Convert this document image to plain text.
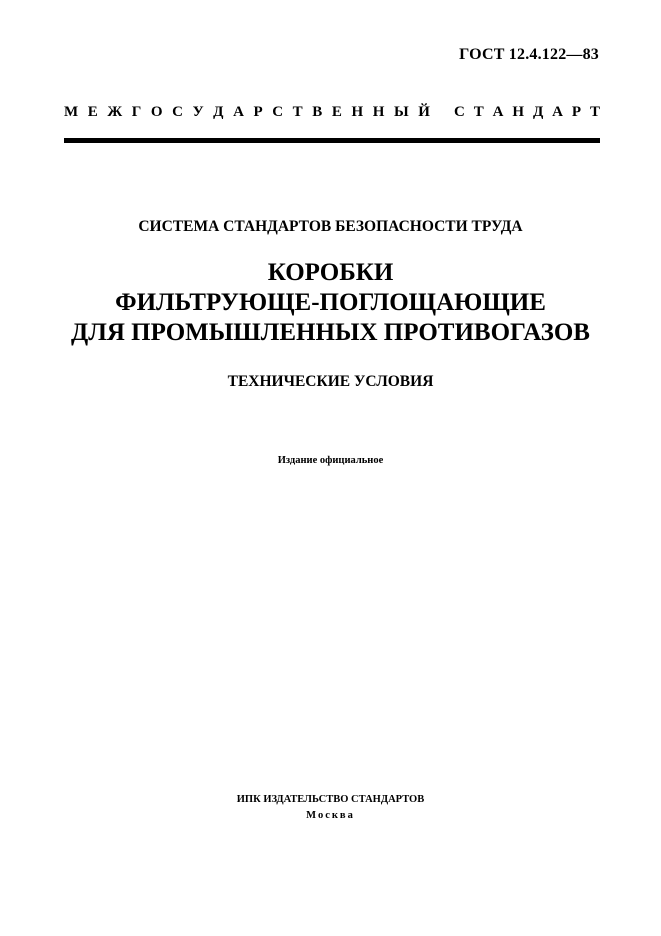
ГОСТ 12.4.122—83
М Е Ж Г О С У Д А Р С Т В Е Н Н Ы Й С Т А Н Д А Р Т
СИСТЕМА СТАНДАРТОВ БЕЗОПАСНОСТИ ТРУДА
КОРОБКИ
ФИЛЬТРУЮЩЕ-ПОГЛОЩАЮЩИЕ
ДЛЯ ПРОМЫШЛЕННЫХ ПРОТИВОГАЗОВ
ТЕХНИЧЕСКИЕ УСЛОВИЯ
Издание официальное
ИПК ИЗДАТЕЛЬСТВО СТАНДАРТОВ
Москва
